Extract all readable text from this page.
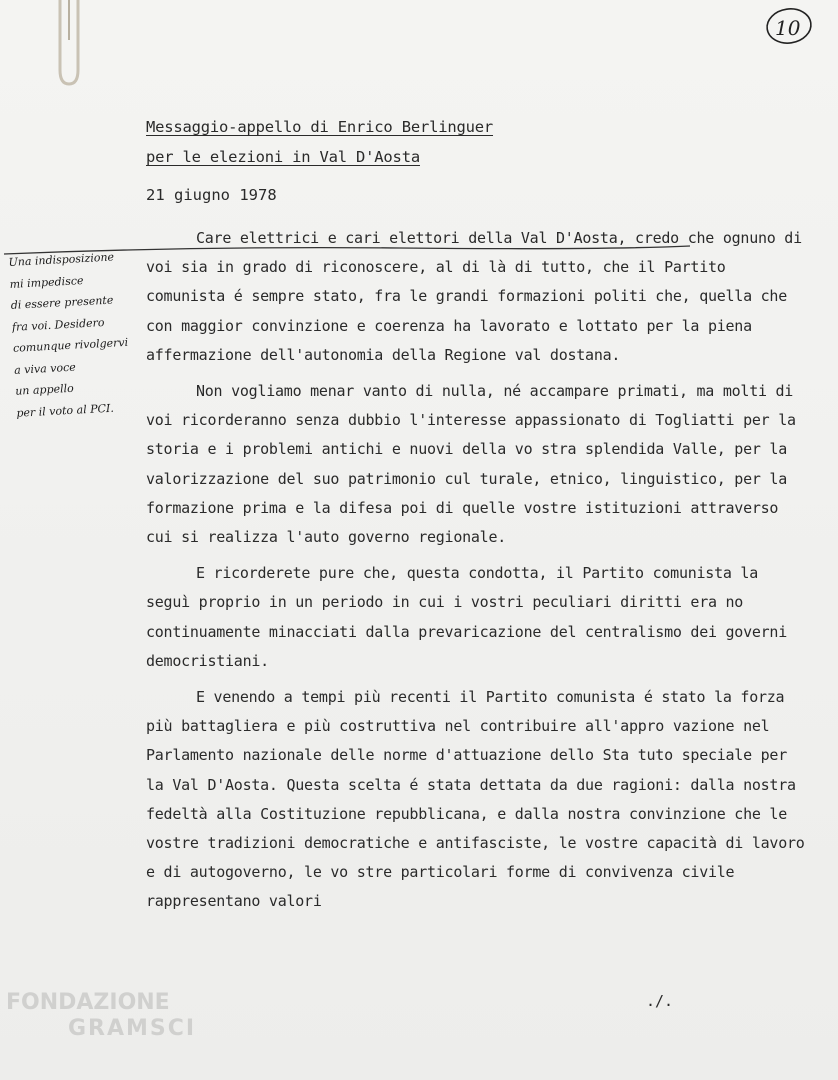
10
Messaggio-appello di Enrico Berlinguer
per le elezioni in Val D'Aosta
21 giugno 1978
Una indisposizione
mi impedisce
di essere presente
fra voi. Desidero
comunque rivolgervi
a viva voce
un appello
per il voto al PCI.

Care elettrici e cari elettori della Val D'Aosta, credo che ognuno di voi sia in grado di riconoscere, al di là di tutto, che il Partito comunista é sempre stato, fra le grandi formazioni politi che, quella che con maggior convinzione e coerenza ha lavorato e lottato per la piena affermazione dell'autonomia della Regione val dostana.

Non vogliamo menar vanto di nulla, né accampare primati, ma molti di voi ricorderanno senza dubbio l'interesse appassionato di Togliatti per la storia e i problemi antichi e nuovi della vo stra splendida Valle, per la valorizzazione del suo patrimonio cul turale, etnico, linguistico, per la formazione prima e la difesa poi di quelle vostre istituzioni attraverso cui si realizza l'auto governo regionale.

E ricorderete pure che, questa condotta, il Partito comunista la seguì proprio in un periodo in cui i vostri peculiari diritti era no continuamente minacciati dalla prevaricazione del centralismo dei governi democristiani.

E venendo a tempi più recenti il Partito comunista é stato la forza più battagliera e più costruttiva nel contribuire all'appro vazione nel Parlamento nazionale delle norme d'attuazione dello Sta tuto speciale per la Val D'Aosta. Questa scelta é stata dettata da due ragioni: dalla nostra fedeltà alla Costituzione repubblicana, e dalla nostra convinzione che le vostre tradizioni democratiche e antifasciste, le vostre capacità di lavoro e di autogoverno, le vo stre particolari forme di convivenza civile rappresentano valori

./.
FONDAZIONE
GRAMSCI
